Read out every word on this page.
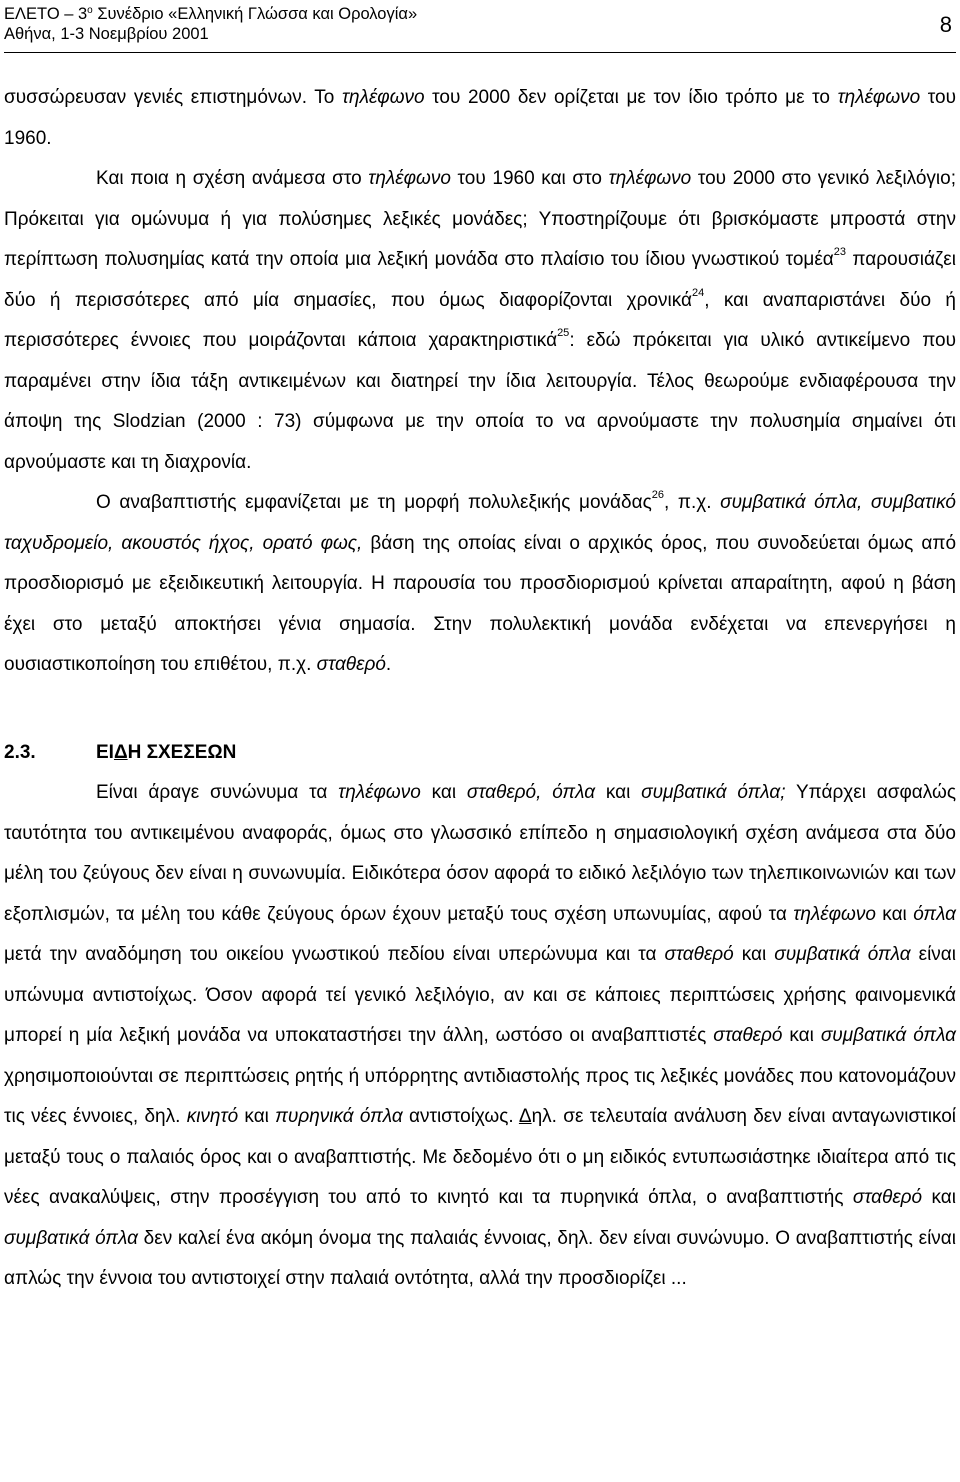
ΕΛΕΤΟ – $3^o$ Συνέδριο «Ελληνική Γλώσσα και Ορολογία»
Αθήνα, 1-3 Νοεμβρίου 2001	8

συσσώρευσαν γενιές επιστημόνων. Το τηλέφωνο του 2000 δεν ορίζεται με τον ίδιο τρόπο με το τηλέφωνο του 1960.

Και ποια η σχέση ανάμεσα στο τηλέφωνο του 1960 και στο τηλέφωνο του 2000 στο γενικό λεξιλόγιο; Πρόκειται για ομώνυμα ή για πολύσημες λεξικές μονάδες; Υποστηρίζουμε ότι βρισκόμαστε μπροστά στην περίπτωση πολυσημίας κατά την οποία μια λεξική μονάδα στο πλαίσιο του ίδιου γνωστικού τομέα$^{23}$ παρουσιάζει δύο ή περισσότερες από μία σημασίες, που όμως διαφορίζονται χρονικά$^{24}$, και αναπαριστάνει δύο ή περισσότερες έννοιες που μοιράζονται κάποια χαρακτηριστικά$^{25}$: εδώ πρόκειται για υλικό αντικείμενο που παραμένει στην ίδια τάξη αντικειμένων και διατηρεί την ίδια λειτουργία. Τέλος θεωρούμε ενδιαφέρουσα την άποψη της Slodzian (2000 : 73) σύμφωνα με την οποία το να αρνούμαστε την πολυσημία σημαίνει ότι αρνούμαστε και τη διαχρονία.

Ο αναβαπτιστής εμφανίζεται με τη μορφή πολυλεξικής μονάδας$^{26}$, π.χ. συμβατικά όπλα, συμβατικό ταχυδρομείο, ακουστός ήχος, ορατό φως, βάση της οποίας είναι ο αρχικός όρος, που συνοδεύεται όμως από προσδιορισμό με εξειδικευτική λειτουργία. Η παρουσία του προσδιορισμού κρίνεται απαραίτητη, αφού η βάση έχει στο μεταξύ αποκτήσει γένια σημασία. Στην πολυλεκτική μονάδα ενδέχεται να επενεργήσει η ουσιαστικοποίηση του επιθέτου, π.χ. σταθερό.

2.3.	ΕΙΔΗ ΣΧΕΣΕΩΝ

Είναι άραγε συνώνυμα τα τηλέφωνο και σταθερό, όπλα και συμβατικά όπλα; Υπάρχει ασφαλώς ταυτότητα του αντικειμένου αναφοράς, όμως στο γλωσσικό επίπεδο η σημασιολογική σχέση ανάμεσα στα δύο μέλη του ζεύγους δεν είναι η συνωνυμία. Ειδικότερα όσον αφορά το ειδικό λεξιλόγιο των τηλεπικοινωνιών και των εξοπλισμών, τα μέλη του κάθε ζεύγους όρων έχουν μεταξύ τους σχέση υπωνυμίας, αφού τα τηλέφωνο και όπλα μετά την αναδόμηση του οικείου γνωστικού πεδίου είναι υπερώνυμα και τα σταθερό και συμβατικά όπλα είναι υπώνυμα αντιστοίχως. Όσον αφορά τεί γενικό λεξιλόγιο, αν και σε κάποιες περιπτώσεις χρήσης φαινομενικά μπορεί η μία λεξική μονάδα να υποκαταστήσει την άλλη, ωστόσο οι αναβαπτιστές σταθερό και συμβατικά όπλα χρησιμοποιούνται σε περιπτώσεις ρητής ή υπόρρητης αντιδιαστολής προς τις λεξικές μονάδες που κατονομάζουν τις νέες έννοιες, δηλ. κινητό και πυρηνικά όπλα αντιστοίχως. Δηλ. σε τελευταία ανάλυση δεν είναι ανταγωνιστικοί μεταξύ τους ο παλαιός όρος και ο αναβαπτιστής. Με δεδομένο ότι ο μη ειδικός εντυπωσιάστηκε ιδιαίτερα από τις νέες ανακαλύψεις, στην προσέγγιση του από το κινητό και τα πυρηνικά όπλα, ο αναβαπτιστής σταθερό και συμβατικά όπλα δεν καλεί ένα ακόμη όνομα της παλαιάς έννοιας, δηλ. δεν είναι συνώνυμο. Ο αναβαπτιστής είναι απλώς την έννοια του αντιστοιχεί στην παλαιά οντότητα, αλλά την προσδιορίζει ...
